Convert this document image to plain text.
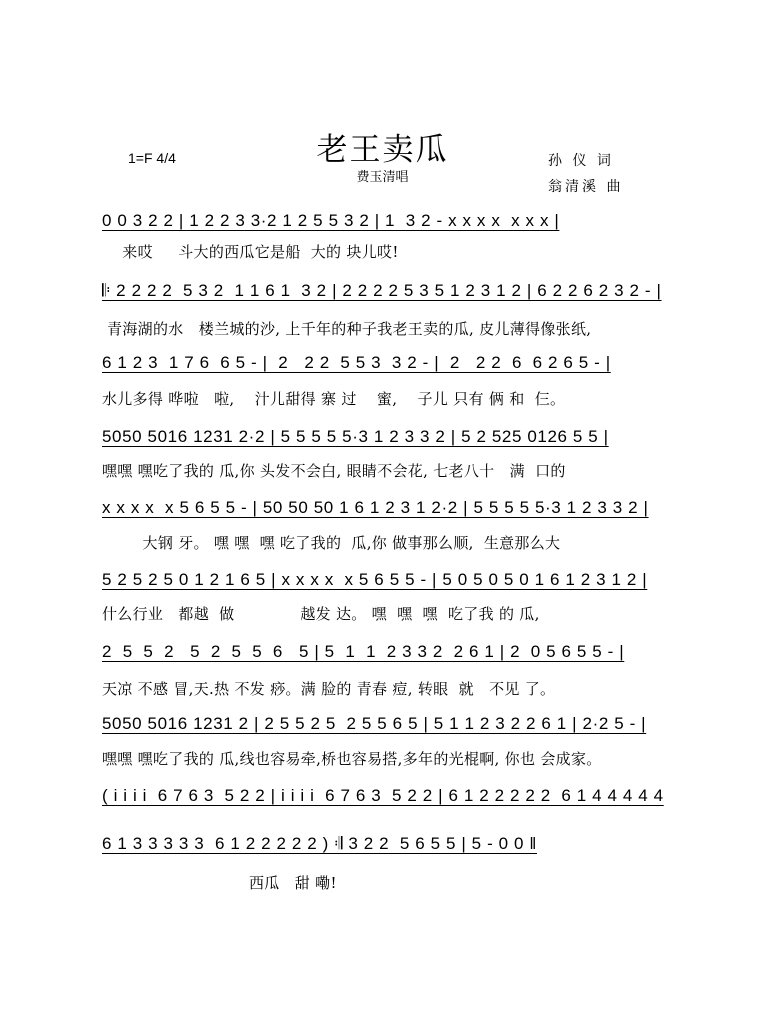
老王卖瓜
1=F 4/4
费玉清唱
孙 仪 词
翁清溪 曲
0 0 3 2 2 | 1 2 2 3 3·2 1 2 5 5 3 2 | 1  3 2 - x x x x  x x x |
来哎     斗大的西瓜它是船  大的 块儿哎!
𝄆 2 2 2 2  5 3 2  1 1 6 1  3 2 | 2 2 2 2 5 3 5 1 2 3 1 2 | 6 2 2 6 2 3 2 - |
青海湖的水   楼兰城的沙, 上千年的种子我老王卖的瓜, 皮儿薄得像张纸,
6 1 2 3  1 7 6  6 5 - |  2   2 2  5 5 3  3 2 - |  2   2 2  6  6 2 6 5 - |
水儿多得 哗啦   啦,    汁儿甜得 寨 过    蜜,    子儿 只有 俩 和  仨。
5050 5016 1231 2·2 | 5 5 5 5 5·3 1 2 3 3 2 | 5 2 525 0126 5 5 |
嘿嘿 嘿吃了我的 瓜,你 头发不会白, 眼睛不会花, 七老八十   满  口的
x x x x  x 5 6 5 5 - | 50 50 50 1 6 1 2 3 1 2·2 | 5 5 5 5 5·3 1 2 3 3 2 |
大钢 牙。 嘿 嘿  嘿 吃了我的  瓜,你 做事那么顺,  生意那么大
5 2 5 2 5 0 1 2 1 6 5 | x x x x  x 5 6 5 5 - | 5 0 5 0 5 0 1 6 1 2 3 1 2 |
什么行业   都越  做             越发 达。 嘿  嘿  嘿  吃了我 的 瓜,
2  5  5  2   5  2  5  5  6   5 | 5  1  1  2 3 3 2  2 6 1 | 2  0 5 6 5 5 - |
天凉 不感 冒,天.热 不发 痧。满 脸的 青春 痘, 转眼  就   不见 了。
5050 5016 1231 2 | 2 5 5 2 5  2 5 5 6 5 | 5 1 1 2 3 2 2 6 1 | 2·2 5 - |
嘿嘿 嘿吃了我的 瓜,线也容易牵,桥也容易搭,多年的光棍啊, 你也 会成家。
( i i i i  6 7 6 3  5 2 2 | i i i i  6 7 6 3  5 2 2 | 6 1 2 2 2 2 2  6 1 4 4 4 4 4
6 1 3 3 3 3 3  6 1 2 2 2 2 2 ) 𝄇 3 2 2  5 6 5 5 | 5 - 0 0 ‖
西瓜   甜 嘞!
